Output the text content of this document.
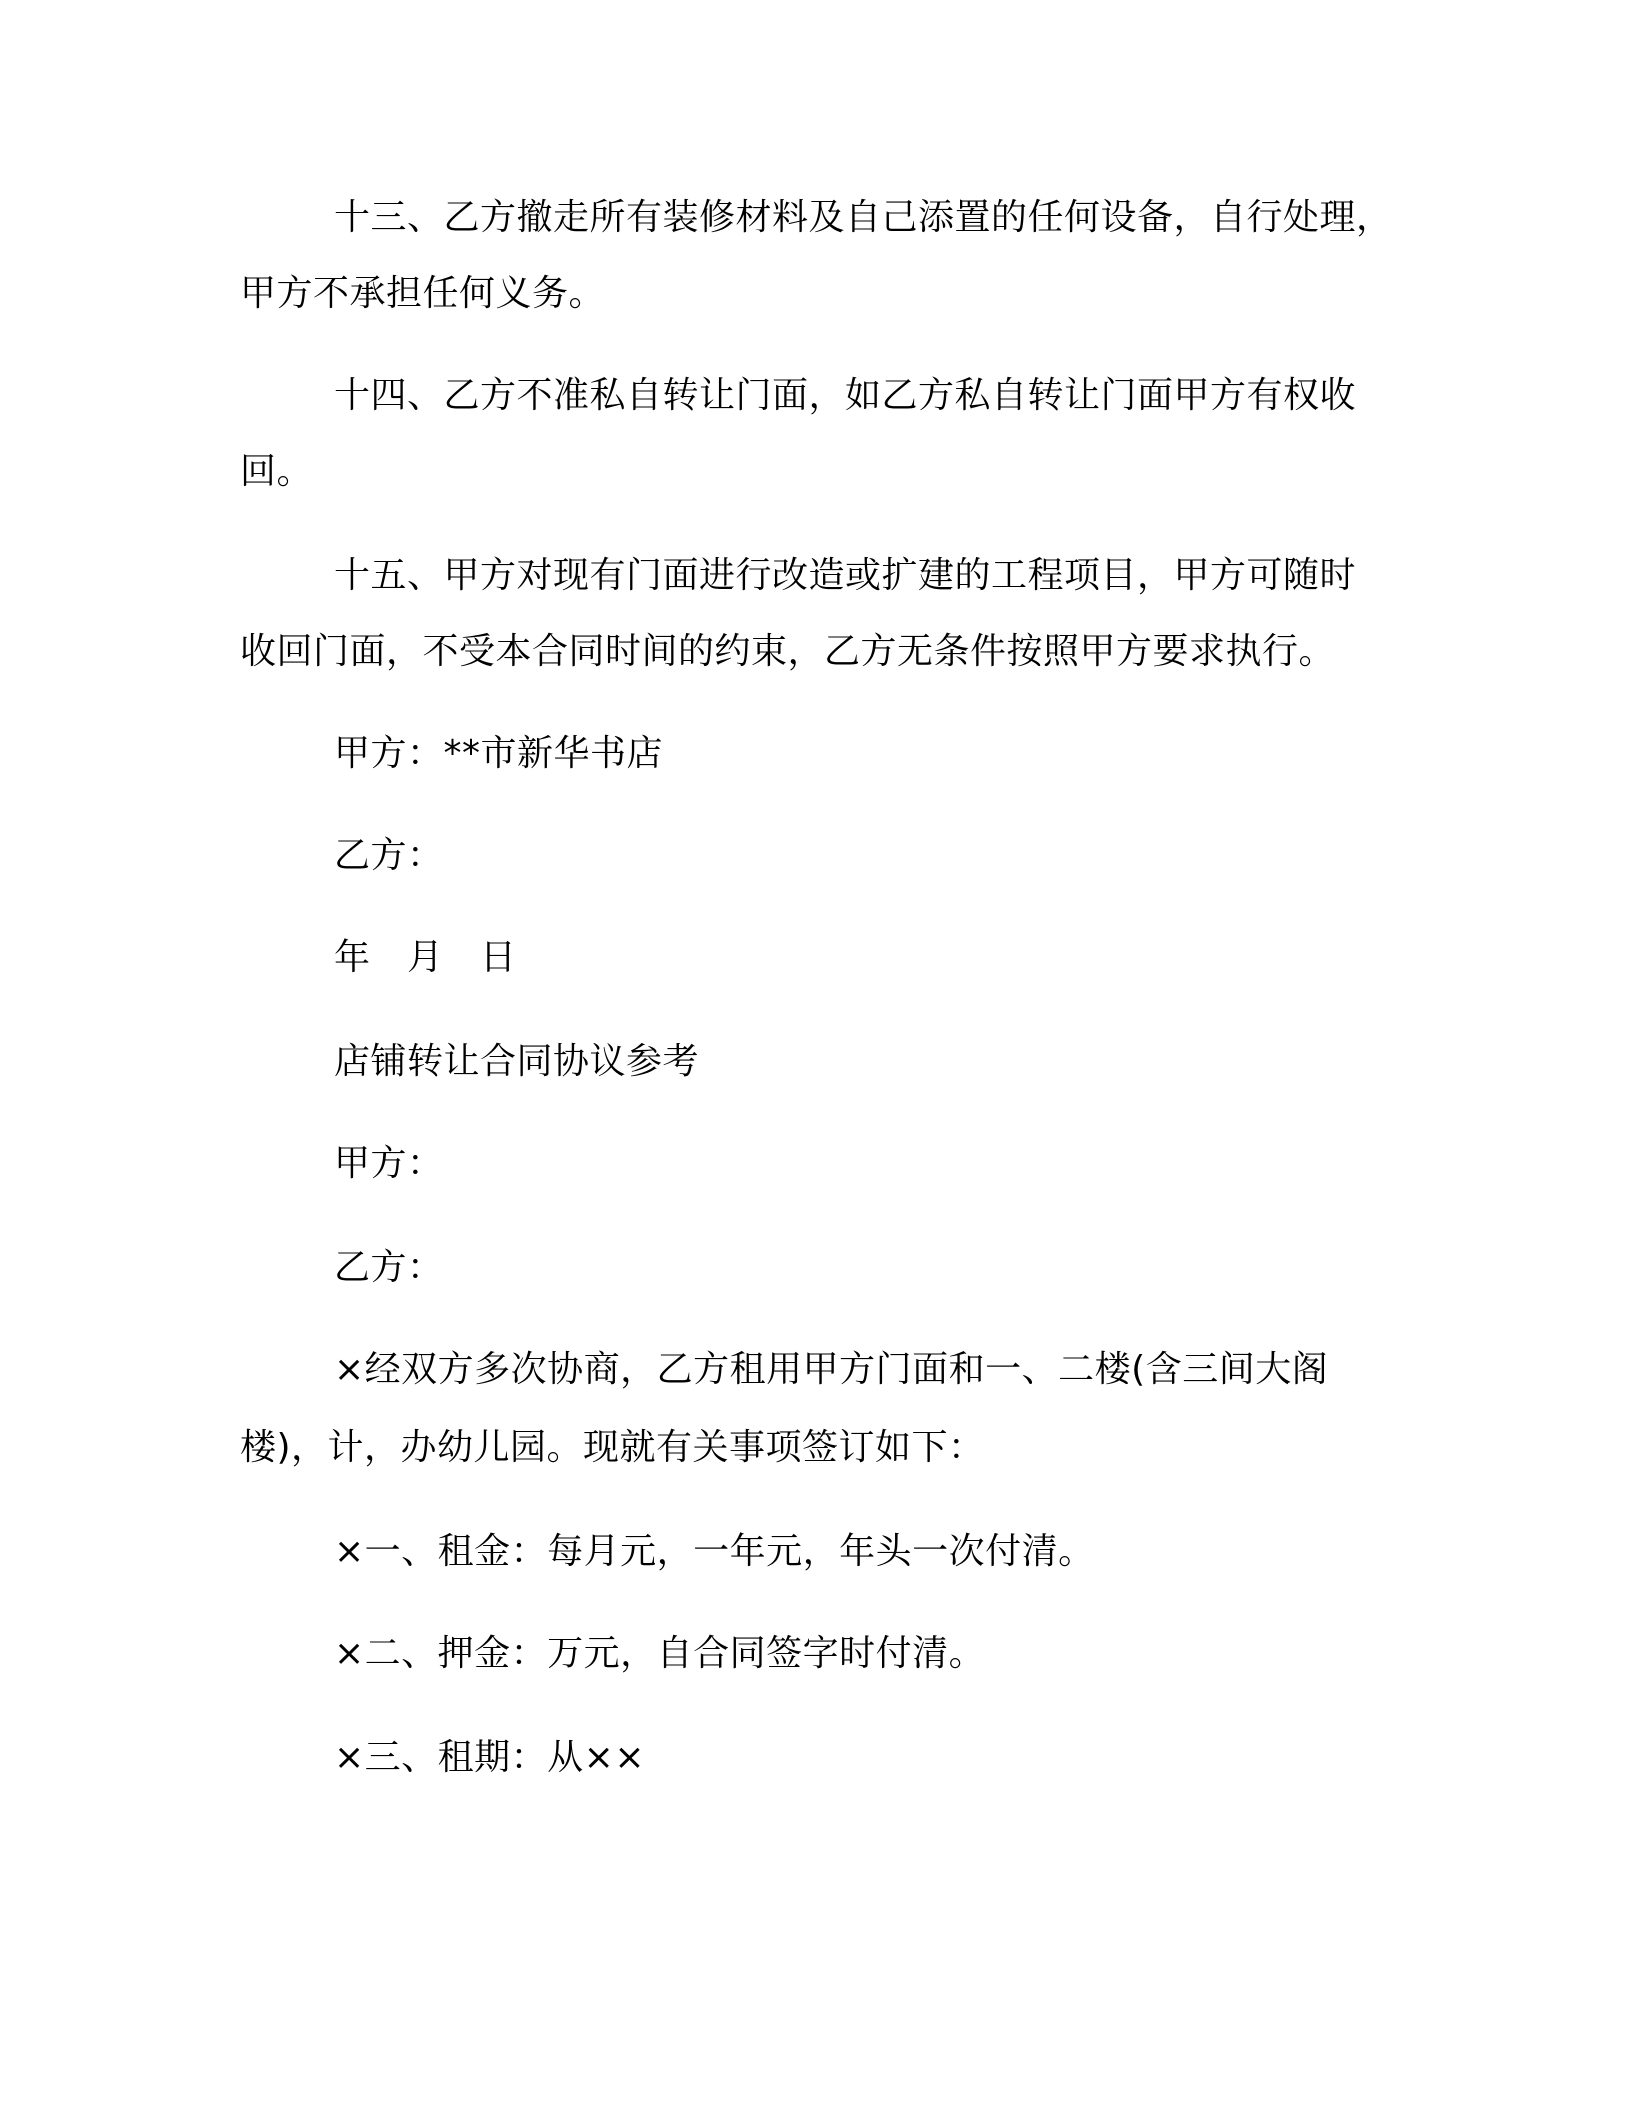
十三、乙方撤走所有装修材料及自己添置的任何设备，自行处理，
甲方不承担任何义务。
十四、乙方不准私自转让门面，如乙方私自转让门面甲方有权收
回。
十五、甲方对现有门面进行改造或扩建的工程项目，甲方可随时
收回门面，不受本合同时间的约束，乙方无条件按照甲方要求执行。
甲方：**市新华书店
乙方：
年　月　日
店铺转让合同协议参考
甲方：
乙方：
×经双方多次协商，乙方租用甲方门面和一、二楼(含三间大阁
楼)，计，办幼儿园。现就有关事项签订如下：
×一、租金：每月元，一年元，年头一次付清。
×二、押金：万元，自合同签字时付清。
×三、租期：从××
